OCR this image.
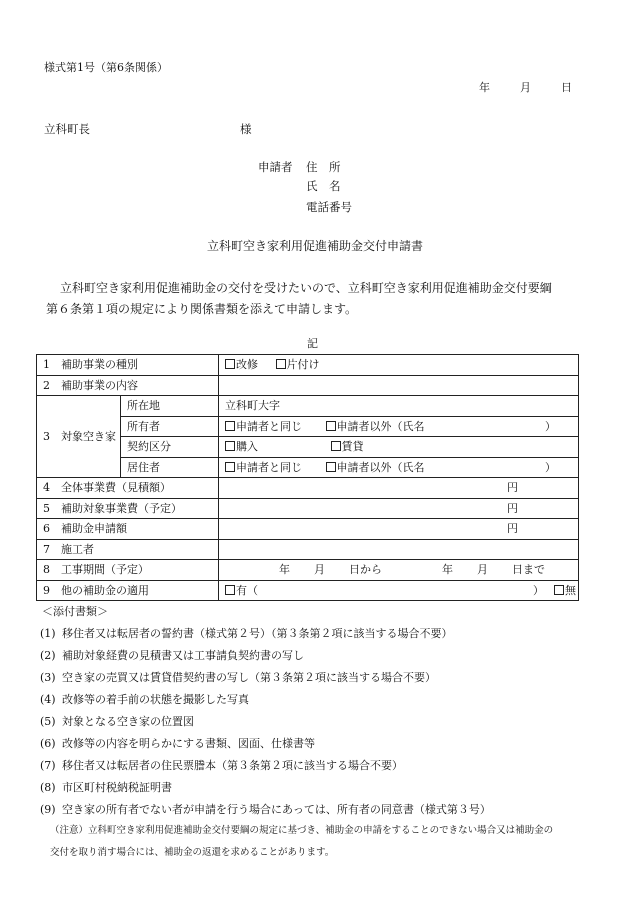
様式第1号（第6条関係）
年	月	日
立科町長	様
申請者 住　所
氏　名
電話番号
立科町空き家利用促進補助金交付申請書
立科町空き家利用促進補助金の交付を受けたいので、立科町空き家利用促進補助金交付要綱
第６条第１項の規定により関係書類を添えて申請します。
記
1 補助事業の種別		改修 片付け
2 補助事業の内容		
3 対象空き家	所在地	立科町大字
	所有者	申請者と同じ 申請者以外（氏名 ）

	契約区分	購入 賃貸
	居住者	申請者と同じ 申請者以外（氏名 ）

4 全体事業費（見積額）		円

5 補助対象事業費（予定）		円

6 補助金申請額		円

7 施工者		
8 工事期間（予定）		年 月 日から 年 月 日まで
9 他の補助金の適用		有（ ） 無
＜添付書類＞
(1) 移住者又は転居者の誓約書（様式第２号）（第３条第２項に該当する場合不要）
(2) 補助対象経費の見積書又は工事請負契約書の写し
(3) 空き家の売買又は賃貸借契約書の写し（第３条第２項に該当する場合不要）
(4) 改修等の着手前の状態を撮影した写真
(5) 対象となる空き家の位置図
(6) 改修等の内容を明らかにする書類、図面、仕様書等
(7) 移住者又は転居者の住民票謄本（第３条第２項に該当する場合不要）
(8) 市区町村税納税証明書
(9) 空き家の所有者でない者が申請を行う場合にあっては、所有者の同意書（様式第３号）
（注意）立科町空き家利用促進補助金交付要綱の規定に基づき、補助金の申請をすることのできない場合又は補助金の
交付を取り消す場合には、補助金の返還を求めることがあります。
